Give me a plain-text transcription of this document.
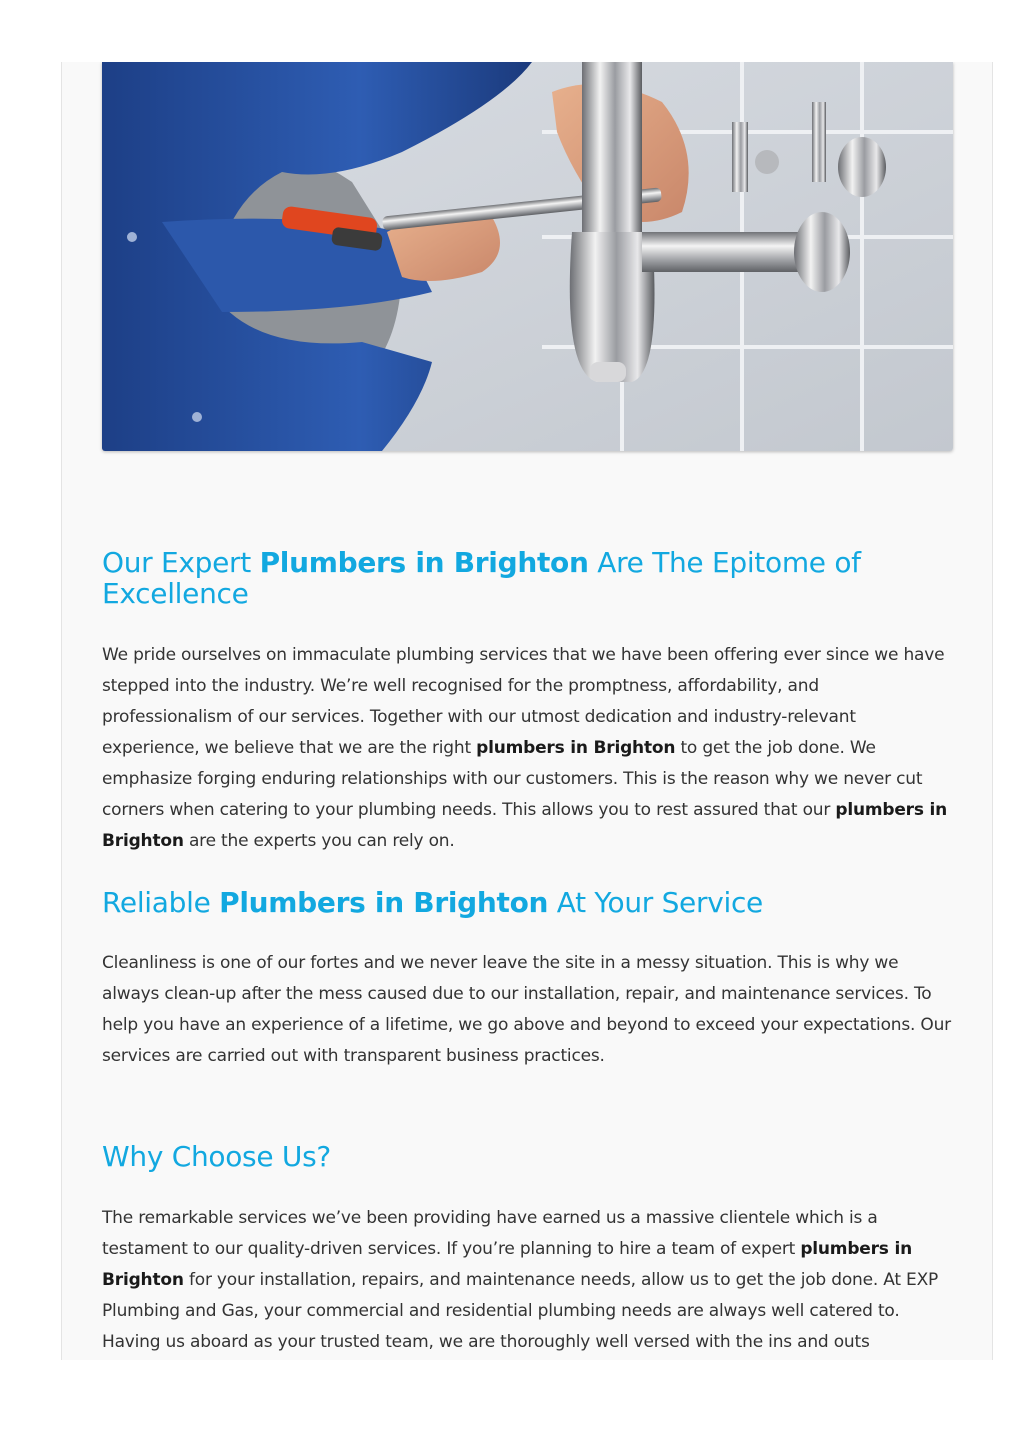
Our Expert Plumbers in Brighton Are The Epitome of Excellence

We pride ourselves on immaculate plumbing services that we have been offering ever since we have stepped into the industry. We’re well recognised for the promptness, affordability, and professionalism of our services. Together with our utmost dedication and industry-relevant experience, we believe that we are the right plumbers in Brighton to get the job done. We emphasize forging enduring relationships with our customers. This is the reason why we never cut corners when catering to your plumbing needs. This allows you to rest assured that our plumbers in Brighton are the experts you can rely on.

Reliable Plumbers in Brighton At Your Service

Cleanliness is one of our fortes and we never leave the site in a messy situation. This is why we always clean-up after the mess caused due to our installation, repair, and maintenance services. To help you have an experience of a lifetime, we go above and beyond to exceed your expectations. Our services are carried out with transparent business practices.

Why Choose Us?

The remarkable services we’ve been providing have earned us a massive clientele which is a testament to our quality-driven services. If you’re planning to hire a team of expert plumbers in Brighton for your installation, repairs, and maintenance needs, allow us to get the job done. At EXP Plumbing and Gas, your commercial and residential plumbing needs are always well catered to. Having us aboard as your trusted team, we are thoroughly well versed with the ins and outs
